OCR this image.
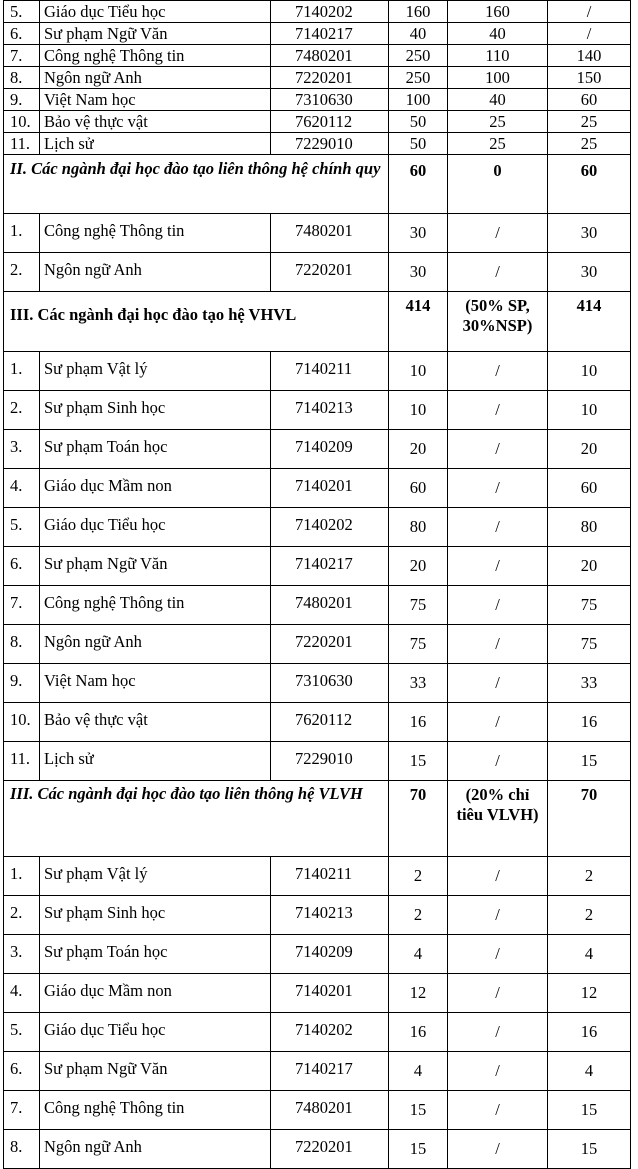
5.	Giáo dục Tiểu học	7140202	160	160	/
6.	Sư phạm Ngữ Văn	7140217	40	40	/
7.	Công nghệ Thông tin	7480201	250	110	140
8.	Ngôn ngữ Anh	7220201	250	100	150
9.	Việt Nam học	7310630	100	40	60
10.	Bảo vệ thực vật	7620112	50	25	25
11.	Lịch sử	7229010	50	25	25
II. Các ngành đại học đào tạo liên thông hệ chính quy			60	0	60
1.	Công nghệ Thông tin	7480201	30	/	30
2.	Ngôn ngữ Anh	7220201	30	/	30
III. Các ngành đại học đào tạo hệ VHVL			414	(50% SP, 30%NSP)	414
1.	Sư phạm Vật lý	7140211	10	/	10
2.	Sư phạm Sinh học	7140213	10	/	10
3.	Sư phạm Toán học	7140209	20	/	20
4.	Giáo dục Mầm non	7140201	60	/	60
5.	Giáo dục Tiểu học	7140202	80	/	80
6.	Sư phạm Ngữ Văn	7140217	20	/	20
7.	Công nghệ Thông tin	7480201	75	/	75
8.	Ngôn ngữ Anh	7220201	75	/	75
9.	Việt Nam học	7310630	33	/	33
10.	Bảo vệ thực vật	7620112	16	/	16
11.	Lịch sử	7229010	15	/	15
III. Các ngành đại học đào tạo liên thông hệ VLVH			70	(20% chỉ tiêu VLVH)	70
1.	Sư phạm Vật lý	7140211	2	/	2
2.	Sư phạm Sinh học	7140213	2	/	2
3.	Sư phạm Toán học	7140209	4	/	4
4.	Giáo dục Mầm non	7140201	12	/	12
5.	Giáo dục Tiểu học	7140202	16	/	16
6.	Sư phạm Ngữ Văn	7140217	4	/	4
7.	Công nghệ Thông tin	7480201	15	/	15
8.	Ngôn ngữ Anh	7220201	15	/	15
